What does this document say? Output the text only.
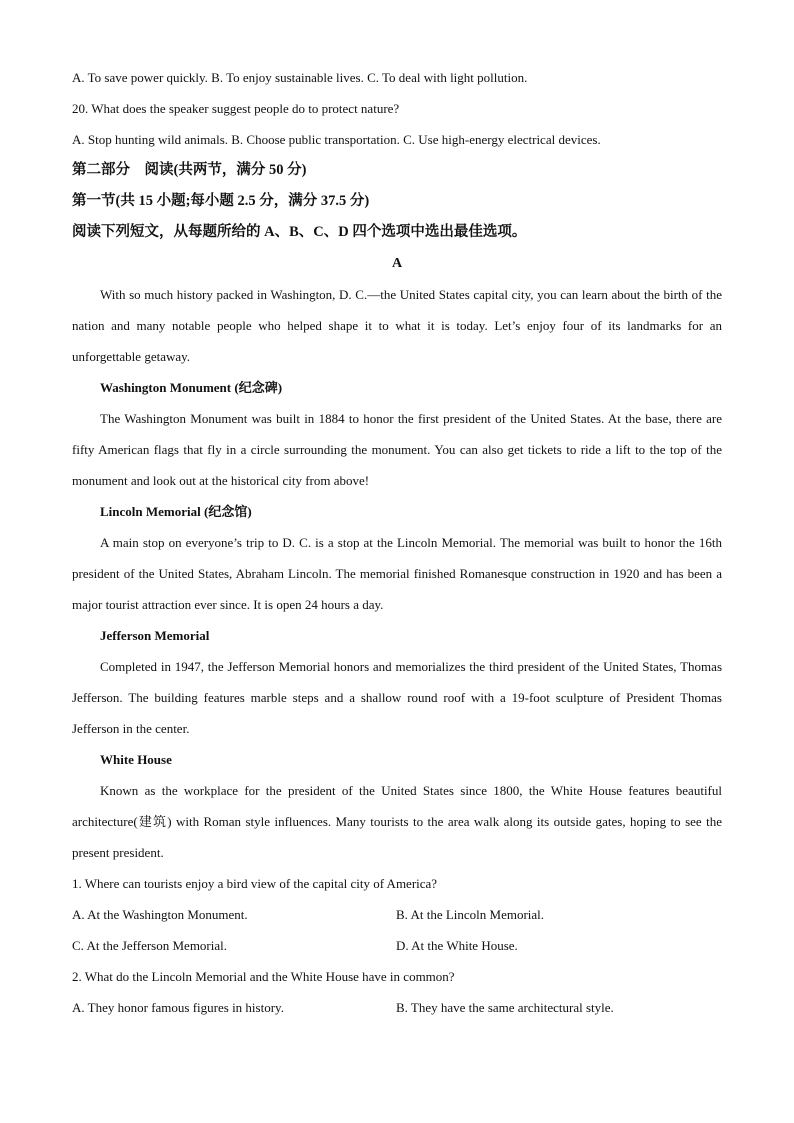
A. To save power quickly. B. To enjoy sustainable lives. C. To deal with light pollution.
20. What does the speaker suggest people do to protect nature?
A. Stop hunting wild animals. B. Choose public transportation. C. Use high-energy electrical devices.
第二部分　阅读(共两节，满分 50 分)
第一节(共 15 小题;每小题 2.5 分，满分 37.5 分)
阅读下列短文，从每题所给的 A、B、C、D 四个选项中选出最佳选项。
A

With so much history packed in Washington, D. C.—the United States capital city, you can learn about the birth of the nation and many notable people who helped shape it to what it is today. Let’s enjoy four of its landmarks for an unforgettable getaway.

Washington Monument (纪念碑)

The Washington Monument was built in 1884 to honor the first president of the United States. At the base, there are fifty American flags that fly in a circle surrounding the monument. You can also get tickets to ride a lift to the top of the monument and look out at the historical city from above!

Lincoln Memorial (纪念馆)

A main stop on everyone’s trip to D. C. is a stop at the Lincoln Memorial. The memorial was built to honor the 16th president of the United States, Abraham Lincoln. The memorial finished Romanesque construction in 1920 and has been a major tourist attraction ever since. It is open 24 hours a day.

Jefferson Memorial

Completed in 1947, the Jefferson Memorial honors and memorializes the third president of the United States, Thomas Jefferson. The building features marble steps and a shallow round roof with a 19-foot sculpture of President Thomas Jefferson in the center.

White House

Known as the workplace for the president of the United States since 1800, the White House features beautiful architecture(建筑) with Roman style influences. Many tourists to the area walk along its outside gates, hoping to see the present president.

1. Where can tourists enjoy a bird view of the capital city of America?
A. At the Washington Monument.	B. At the Lincoln Memorial.
C. At the Jefferson Memorial.	D. At the White House.
2. What do the Lincoln Memorial and the White House have in common?
A. They honor famous figures in history.	B. They have the same architectural style.
